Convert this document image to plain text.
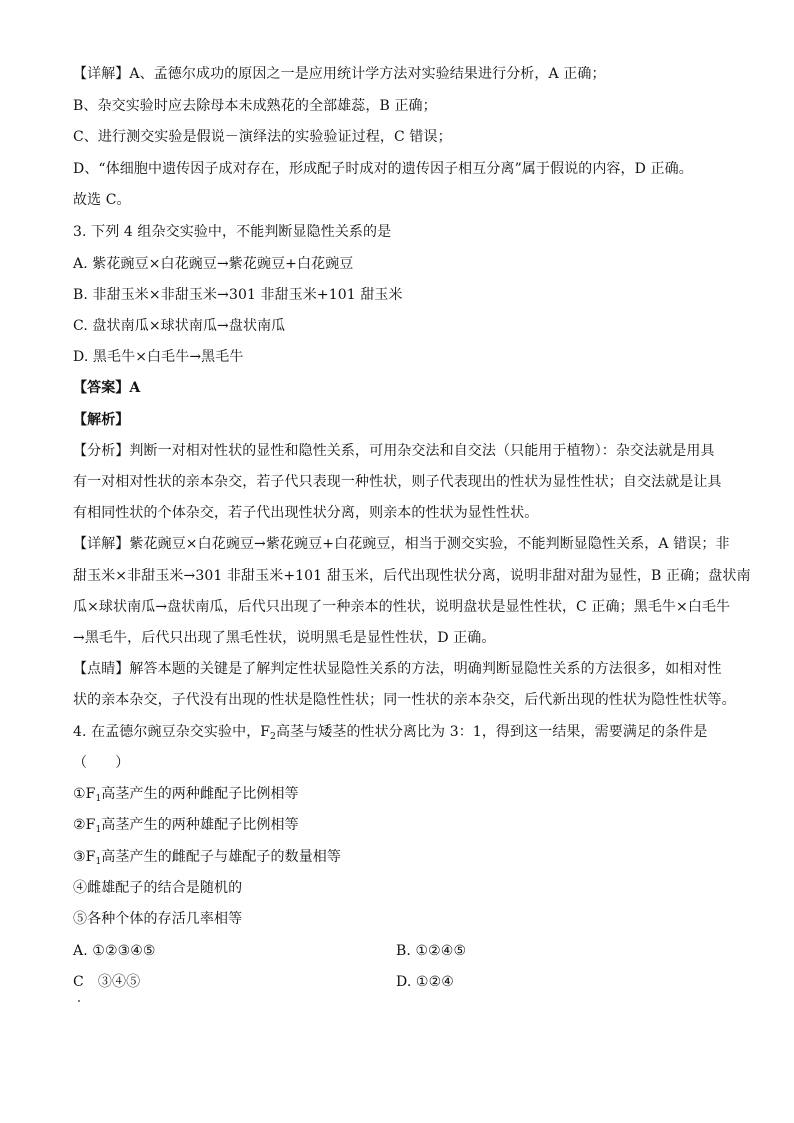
【详解】A、孟德尔成功的原因之一是应用统计学方法对实验结果进行分析，A 正确；
B、杂交实验时应去除母本未成熟花的全部雄蕊，B 正确；
C、进行测交实验是假说－演绎法的实验验证过程，C 错误；
D、“体细胞中遗传因子成对存在，形成配子时成对的遗传因子相互分离”属于假说的内容，D 正确。
故选 C。
3. 下列 4 组杂交实验中，不能判断显隐性关系的是
A. 紫花豌豆×白花豌豆→紫花豌豆+白花豌豆
B. 非甜玉米×非甜玉米→301 非甜玉米+101 甜玉米
C. 盘状南瓜×球状南瓜→盘状南瓜
D. 黑毛牛×白毛牛→黑毛牛
【答案】A
【解析】
【分析】判断一对相对性状的显性和隐性关系，可用杂交法和自交法（只能用于植物）：杂交法就是用具
有一对相对性状的亲本杂交，若子代只表现一种性状，则子代表现出的性状为显性性状；自交法就是让具
有相同性状的个体杂交，若子代出现性状分离，则亲本的性状为显性性状。
【详解】紫花豌豆×白花豌豆→紫花豌豆+白花豌豆，相当于测交实验，不能判断显隐性关系，A 错误；非
甜玉米×非甜玉米→301 非甜玉米+101 甜玉米，后代出现性状分离，说明非甜对甜为显性，B 正确；盘状南
瓜×球状南瓜→盘状南瓜，后代只出现了一种亲本的性状，说明盘状是显性性状，C 正确；黑毛牛×白毛牛
→黑毛牛，后代只出现了黑毛性状，说明黑毛是显性性状，D 正确。
【点睛】解答本题的关键是了解判定性状显隐性关系的方法，明确判断显隐性关系的方法很多，如相对性
状的亲本杂交，子代没有出现的性状是隐性性状；同一性状的亲本杂交，后代新出现的性状为隐性性状等。
4. 在孟德尔豌豆杂交实验中，$F_2$高茎与矮茎的性状分离比为 3：1，得到这一结果，需要满足的条件是
（　　）
$①F_1$高茎产生的两种雌配子比例相等
$②F_1$高茎产生的两种雄配子比例相等
$③F_1$高茎产生的雌配子与雄配子的数量相等
④雌雄配子的结合是随机的
⑤各种个体的存活几率相等
A. ①②③④⑤	B. ①②④⑤
C　③④⑤	D. ①②④
